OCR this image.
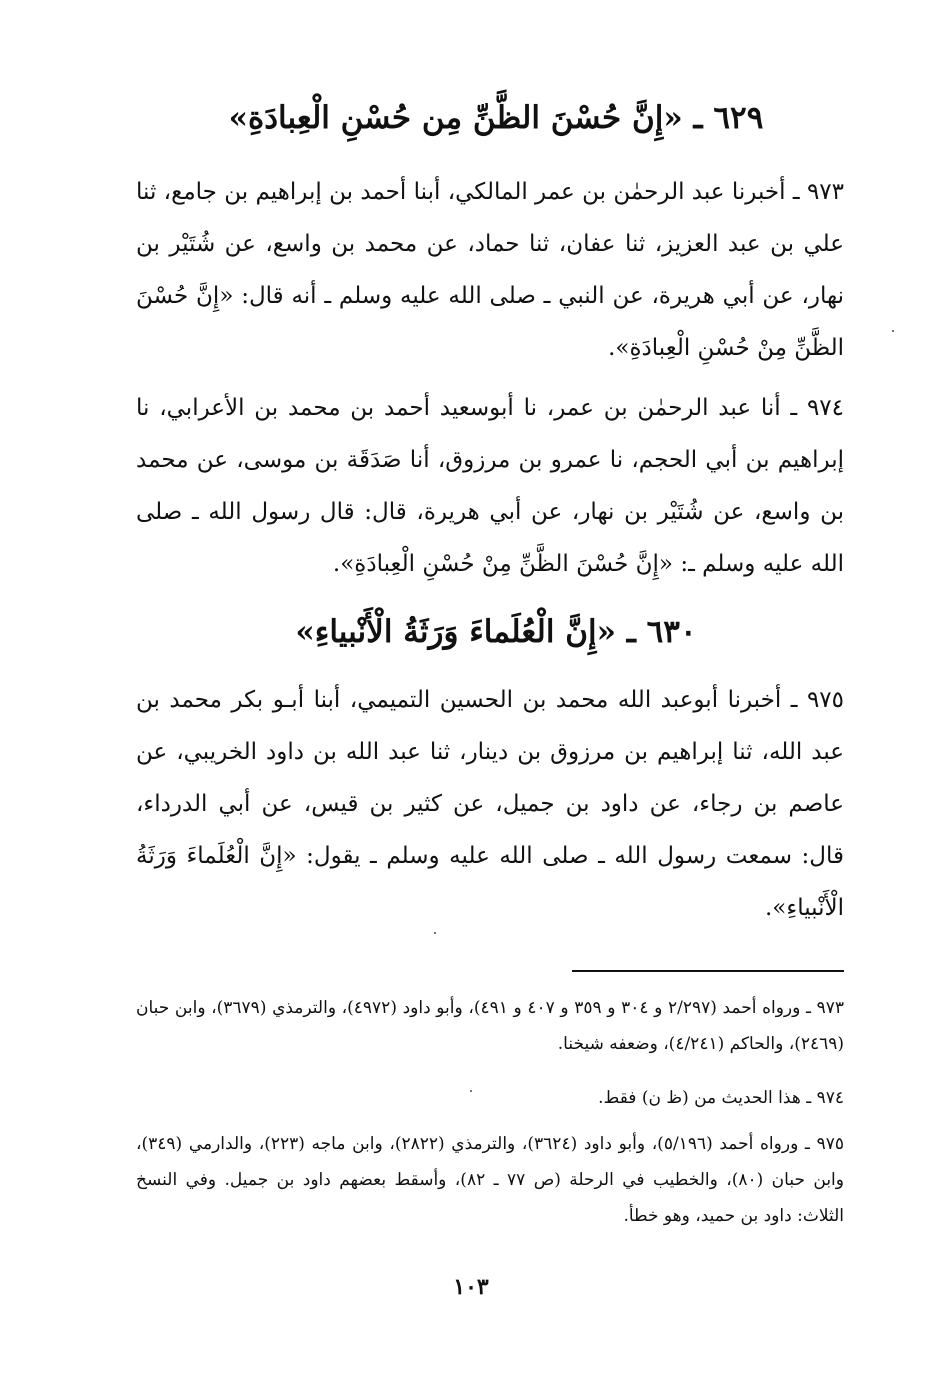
٦٢٩ ـ «إِنَّ حُسْنَ الظَّنِّ مِن حُسْنِ الْعِبادَةِ»

٩٧٣ ـ أخبرنا عبد الرحمٰن بن عمر المالكي، أبنا أحمد بن إبراهيم بن جامع، ثنا علي بن عبد العزيز، ثنا عفان، ثنا حماد، عن محمد بن واسع، عن شُتَيْر بن نهار، عن أبي هريرة، عن النبي ـ صلى الله عليه وسلم ـ أنه قال: «إِنَّ حُسْنَ الظَّنِّ مِنْ حُسْنِ الْعِبادَةِ».

٩٧٤ ـ أنا عبد الرحمٰن بن عمر، نا أبوسعيد أحمد بن محمد بن الأعرابي، نا إبراهيم بن أبي الحجم، نا عمرو بن مرزوق، أنا صَدَقَة بن موسى، عن محمد بن واسع، عن شُتَيْر بن نهار، عن أبي هريرة، قال: قال رسول الله ـ صلى الله عليه وسلم ـ: «إِنَّ حُسْنَ الظَّنِّ مِنْ حُسْنِ الْعِبادَةِ».

٦٣٠ ـ «إِنَّ الْعُلَماءَ وَرَثَةُ الْأَنْبياءِ»

٩٧٥ ـ أخبرنا أبوعبد الله محمد بن الحسين التميمي، أبنا أبـو بكر محمد بن عبد الله، ثنا إبراهيم بن مرزوق بن دينار، ثنا عبد الله بن داود الخريبي، عن عاصم بن رجاء، عن داود بن جميل، عن كثير بن قيس، عن أبي الدرداء، قال: سمعت رسول الله ـ صلى الله عليه وسلم ـ يقول: «إِنَّ الْعُلَماءَ وَرَثَةُ الْأَنْبياءِ».

٩٧٣ ـ ورواه أحمد (٢/٢٩٧ و ٣٠٤ و ٣٥٩ و ٤٠٧ و ٤٩١)، وأبو داود (٤٩٧٢)، والترمذي (٣٦٧٩)، وابن حبان (٢٤٦٩)، والحاكم (٤/٢٤١)، وضعفه شيخنا.

٩٧٤ ـ هذا الحديث من (ظ ن) فقط.

٩٧٥ ـ ورواه أحمد (٥/١٩٦)، وأبو داود (٣٦٢٤)، والترمذي (٢٨٢٢)، وابن ماجه (٢٢٣)، والدارمي (٣٤٩)، وابن حبان (٨٠)، والخطيب في الرحلة (ص ٧٧ ـ ٨٢)، وأسقط بعضهم داود بن جميل. وفي النسخ الثلاث: داود بن حميد، وهو خطأ.

١٠٣
